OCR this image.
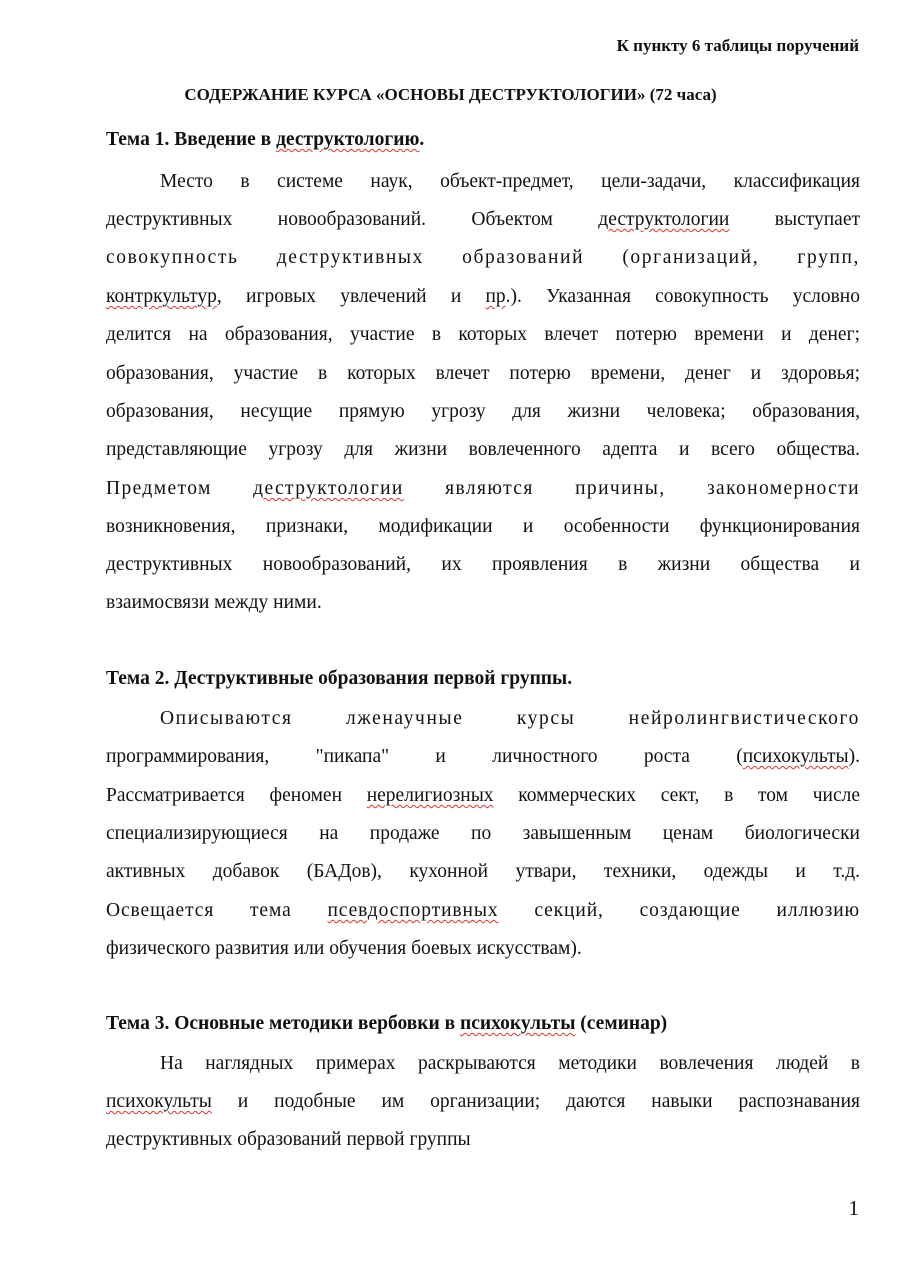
К пункту 6 таблицы поручений
СОДЕРЖАНИЕ КУРСА «ОСНОВЫ ДЕСТРУКТОЛОГИИ» (72 часа)
Тема 1. Введение в деструктологию.
Место в системе наук, объект-предмет, цели-задачи, классификация
деструктивных новообразований. Объектом деструктологии выступает
совокупность деструктивных образований (организаций, групп,
контркультур, игровых увлечений и пр.). Указанная совокупность условно
делится на образования, участие в которых влечет потерю времени и денег;
образования, участие в которых влечет потерю времени, денег и здоровья;
образования, несущие прямую угрозу для жизни человека; образования,
представляющие угрозу для жизни вовлеченного адепта и всего общества.
Предметом деструктологии являются причины, закономерности
возникновения, признаки, модификации и особенности функционирования
деструктивных новообразований, их проявления в жизни общества и
взаимосвязи между ними.
Тема 2. Деструктивные образования первой группы.
Описываются лженаучные курсы нейролингвистического
программирования, "пикапа" и личностного роста (психокульты).
Рассматривается феномен нерелигиозных коммерческих сект, в том числе
специализирующиеся на продаже по завышенным ценам биологически
активных добавок (БАДов), кухонной утвари, техники, одежды и т.д.
Освещается тема псевдоспортивных секций, создающие иллюзию
физического развития или обучения боевых искусствам).
Тема 3. Основные методики вербовки в психокульты (семинар)
На наглядных примерах раскрываются методики вовлечения людей в
психокульты и подобные им организации; даются навыки распознавания
деструктивных образований первой группы
1
